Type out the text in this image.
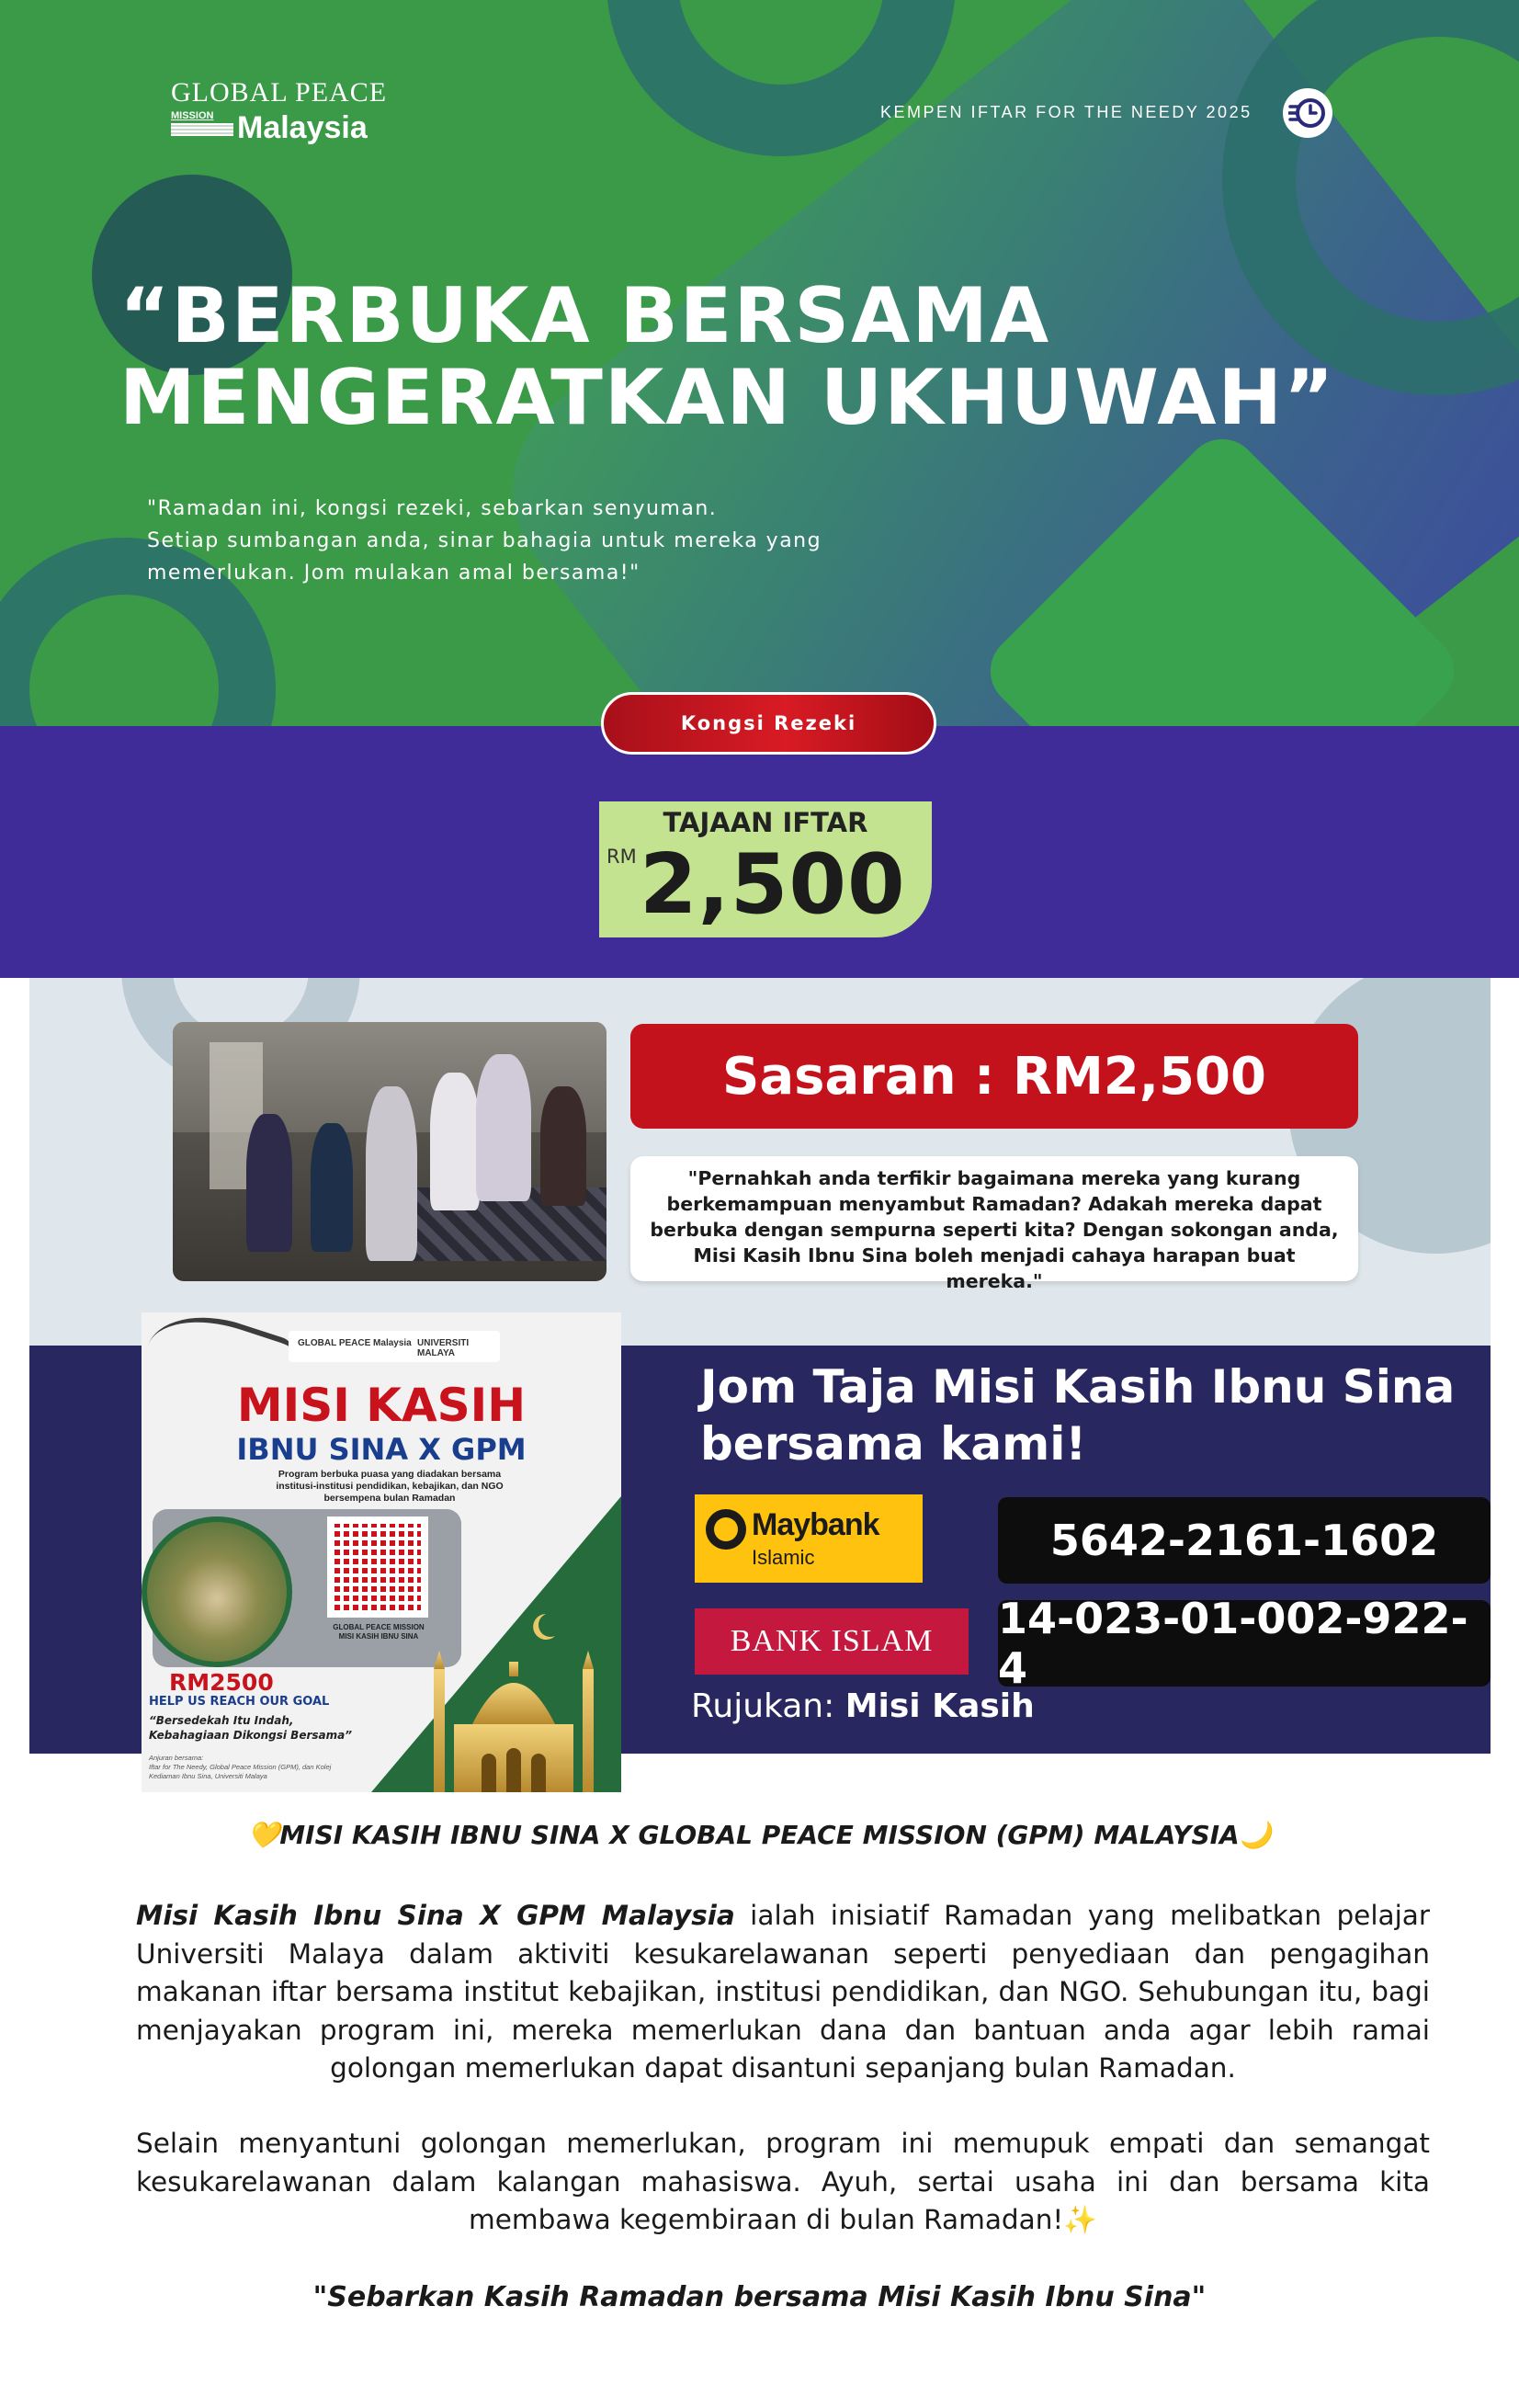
GLOBAL PEACE
MISSION Malaysia	KEMPEN IFTAR FOR THE NEEDY 2025
“BERBUKA BERSAMA
MENGERATKAN UKHUWAH”

"Ramadan ini, kongsi rezeki, sebarkan senyuman.
Setiap sumbangan anda, sinar bahagia untuk mereka yang
memerlukan. Jom mulakan amal bersama!"

Kongsi Rezeki
TAJAAN IFTAR
RM 2,500
Sasaran : RM2,500
"Pernahkah anda terfikir bagaimana mereka yang kurang
berkemampuan menyambut Ramadan? Adakah mereka dapat
berbuka dengan sempurna seperti kita? Dengan sokongan anda,
Misi Kasih Ibnu Sina boleh menjadi cahaya harapan buat mereka."
GLOBAL PEACE Malaysia UNIVERSITI MALAYA
MISI KASIH
IBNU SINA X GPM
Program berbuka puasa yang diadakan bersama
institusi-institusi pendidikan, kebajikan, dan NGO
bersempena bulan Ramadan
GLOBAL PEACE MISSION
MISI KASIH IBNU SINA
RM2500
HELP US REACH OUR GOAL
“Bersedekah Itu Indah,
Kebahagiaan Dikongsi Bersama”
Anjuran bersama:
Iftar for The Needy, Global Peace Mission (GPM), dan Kolej
Kediaman Ibnu Sina, Universiti Malaya
Jom Taja Misi Kasih Ibnu Sina
bersama kami!
Maybank
Islamic	5642-2161-1602
BANK ISLAM	14-023-01-002-922-4
Rujukan: Misi Kasih
💛MISI KASIH IBNU SINA X GLOBAL PEACE MISSION (GPM) MALAYSIA🌙

Misi Kasih Ibnu Sina X GPM Malaysia ialah inisiatif Ramadan yang melibatkan pelajar Universiti Malaya dalam aktiviti kesukarelawanan seperti penyediaan dan pengagihan makanan iftar bersama institut kebajikan, institusi pendidikan, dan NGO. Sehubungan itu, bagi menjayakan program ini, mereka memerlukan dana dan bantuan anda agar lebih ramai golongan memerlukan dapat disantuni sepanjang bulan Ramadan.

Selain menyantuni golongan memerlukan, program ini memupuk empati dan semangat kesukarelawanan dalam kalangan mahasiswa. Ayuh, sertai usaha ini dan bersama kita membawa kegembiraan di bulan Ramadan!✨

"Sebarkan Kasih Ramadan bersama Misi Kasih Ibnu Sina"
